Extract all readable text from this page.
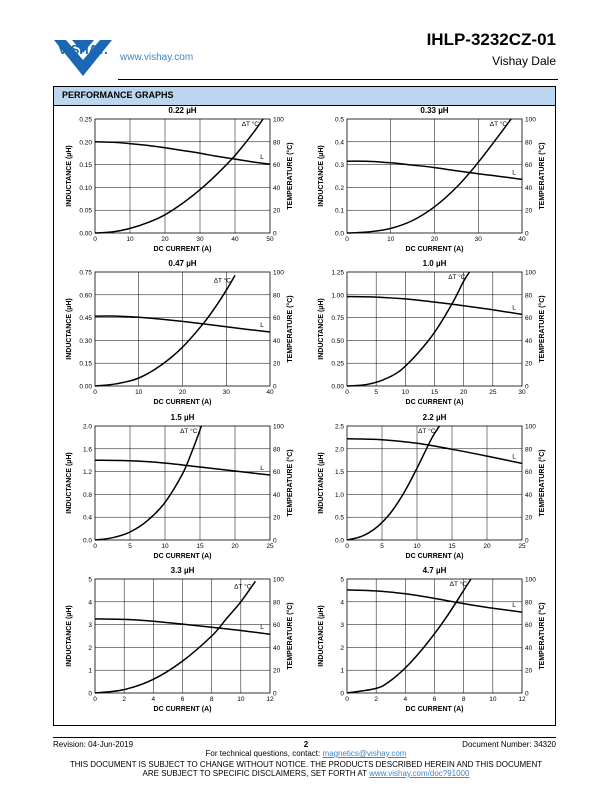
VISHAY.
www.vishay.com
IHLP-3232CZ-01
Vishay Dale
PERFORMANCE GRAPHS
0.22 µH
0	10	20	30	40	50
0.00
0.05
0.10
0.15
0.20
0.25
0
20
40
60
80
100
DC CURRENT (A)
INDUCTANCE (µH)	TEMPERATURE (°C)
L
ΔT °C
0.33 µH
0	10	20	30	40
0.0
0.1
0.2
0.3
0.4
0.5
0
20
40
60
80
100
DC CURRENT (A)
INDUCTANCE (µH)	TEMPERATURE (°C)
L
ΔT °C
0.47 µH
0	10	20	30	40
0.00
0.15
0.30
0.45
0.60
0.75
0
20
40
60
80
100
DC CURRENT (A)
INDUCTANCE (µH)	TEMPERATURE (°C)
L
ΔT °C
1.0 µH
0	5	10	15	20	25	30
0.00
0.25
0.50
0.75
1.00
1.25
0
20
40
60
80
100
DC CURRENT (A)
INDUCTANCE (µH)	TEMPERATURE (°C)
L
ΔT °C
1.5 µH
0	5	10	15	20	25
0.0
0.4
0.8
1.2
1.6
2.0
0
20
40
60
80
100
DC CURRENT (A)
INDUCTANCE (µH)	TEMPERATURE (°C)
L
ΔT °C
2.2 µH
0	5	10	15	20	25
0.0
0.5
1.0
1.5
2.0
2.5
0
20
40
60
80
100
DC CURRENT (A)
INDUCTANCE (µH)	TEMPERATURE (°C)
L
ΔT °C
3.3 µH
0	2	4	6	8	10	12
0
1
2
3
4
5
0
20
40
60
80
100
DC CURRENT (A)
INDUCTANCE (µH)	TEMPERATURE (°C)
L
ΔT °C
4.7 µH
0	2	4	6	8	10	12
0
1
2
3
4
5
0
20
40
60
80
100
DC CURRENT (A)
INDUCTANCE (µH)	TEMPERATURE (°C)
L
ΔT °C
Revision: 04-Jun-2019	2	Document Number: 34320
For technical questions, contact: magnetics@vishay.com
THIS DOCUMENT IS SUBJECT TO CHANGE WITHOUT NOTICE. THE PRODUCTS DESCRIBED HEREIN AND THIS DOCUMENT
ARE SUBJECT TO SPECIFIC DISCLAIMERS, SET FORTH AT www.vishay.com/doc?91000
